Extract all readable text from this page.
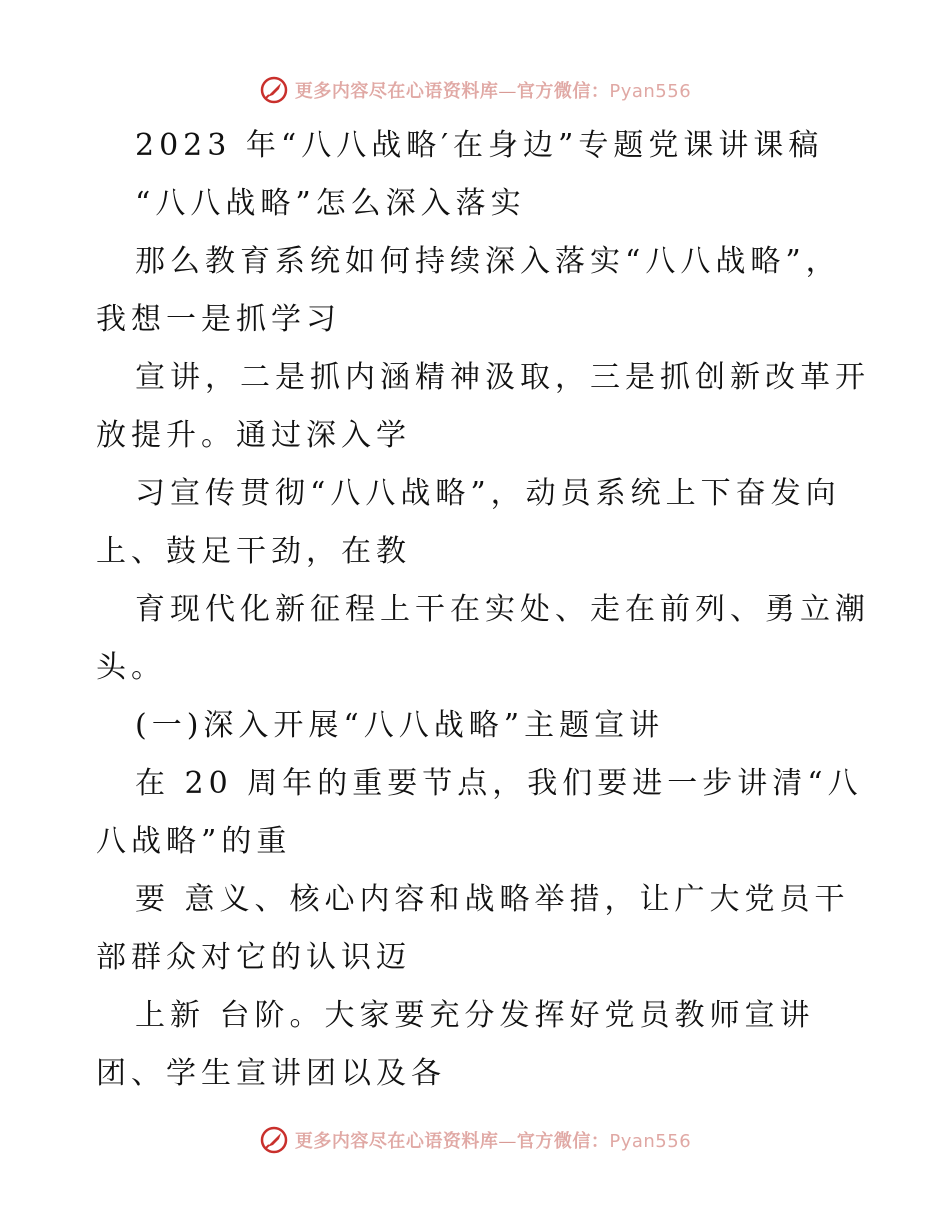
更多内容尽在心语资料库—官方微信：Pyan556
2023 年“八八战略′在身边”专题党课讲课稿
“八八战略”怎么深入落实
那么教育系统如何持续深入落实“八八战略”，
我想一是抓学习
宣讲，二是抓内涵精神汲取，三是抓创新改革开
放提升。通过深入学
习宣传贯彻“八八战略”，动员系统上下奋发向
上、鼓足干劲，在教
育现代化新征程上干在实处、走在前列、勇立潮
头。
(一)深入开展“八八战略”主题宣讲
在 20 周年的重要节点，我们要进一步讲清“八
八战略”的重
要 意义、核心内容和战略举措，让广大党员干
部群众对它的认识迈
上新 台阶。大家要充分发挥好党员教师宣讲
团、学生宣讲团以及各
更多内容尽在心语资料库—官方微信：Pyan556
